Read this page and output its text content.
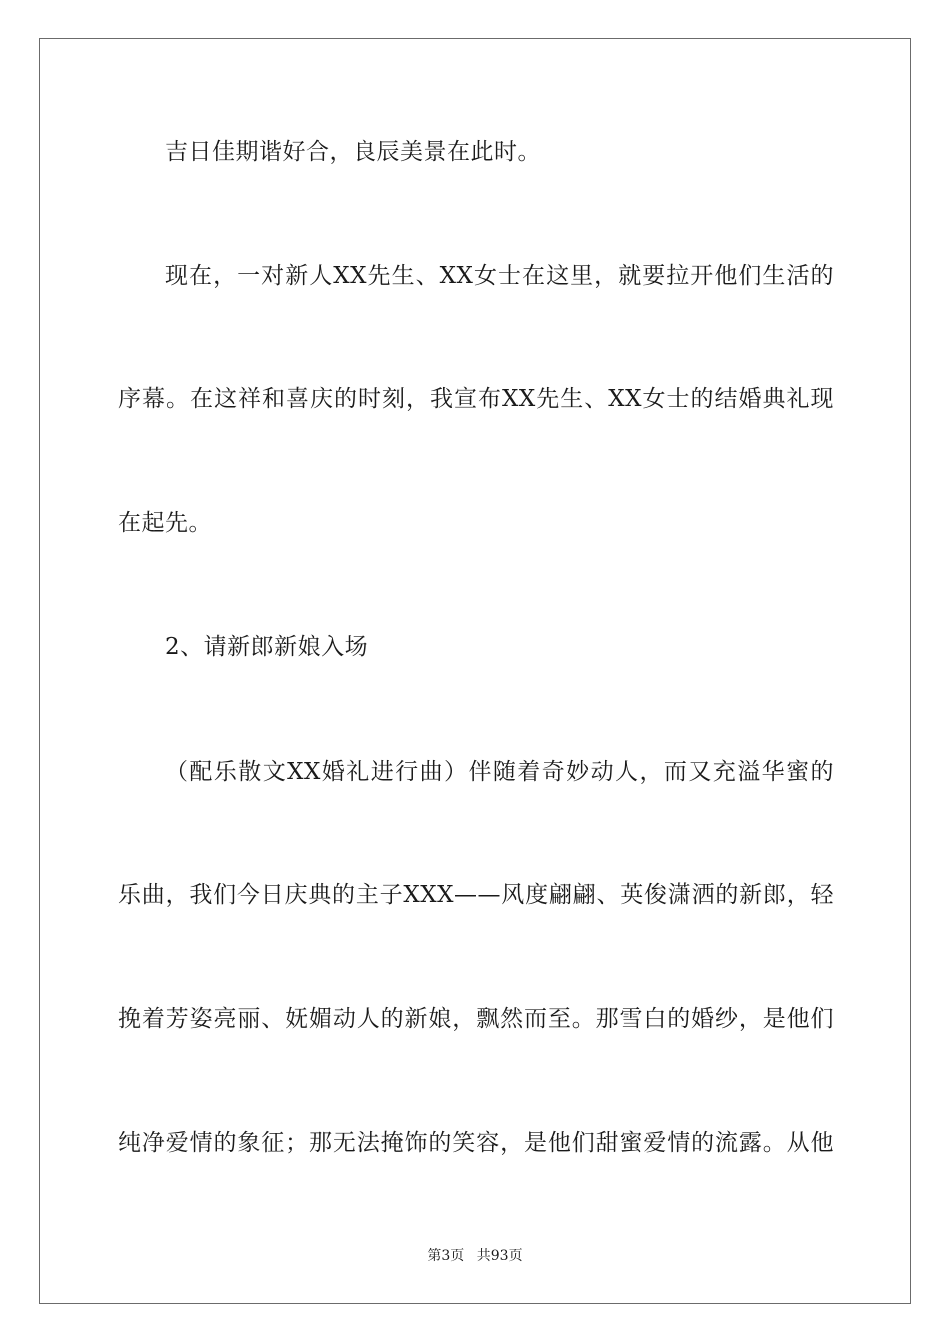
吉日佳期谐好合，良辰美景在此时。
现在，一对新人XX先生、XX女士在这里，就要拉开他们生活的
序幕。在这祥和喜庆的时刻，我宣布XX先生、XX女士的结婚典礼现
在起先。
2、请新郎新娘入场
（配乐散文XX婚礼进行曲）伴随着奇妙动人，而又充溢华蜜的
乐曲，我们今日庆典的主子XXX——风度翩翩、英俊潇洒的新郎，轻
挽着芳姿亮丽、妩媚动人的新娘，飘然而至。那雪白的婚纱，是他们
纯净爱情的象征；那无法掩饰的笑容，是他们甜蜜爱情的流露。从他
第3页 共93页
